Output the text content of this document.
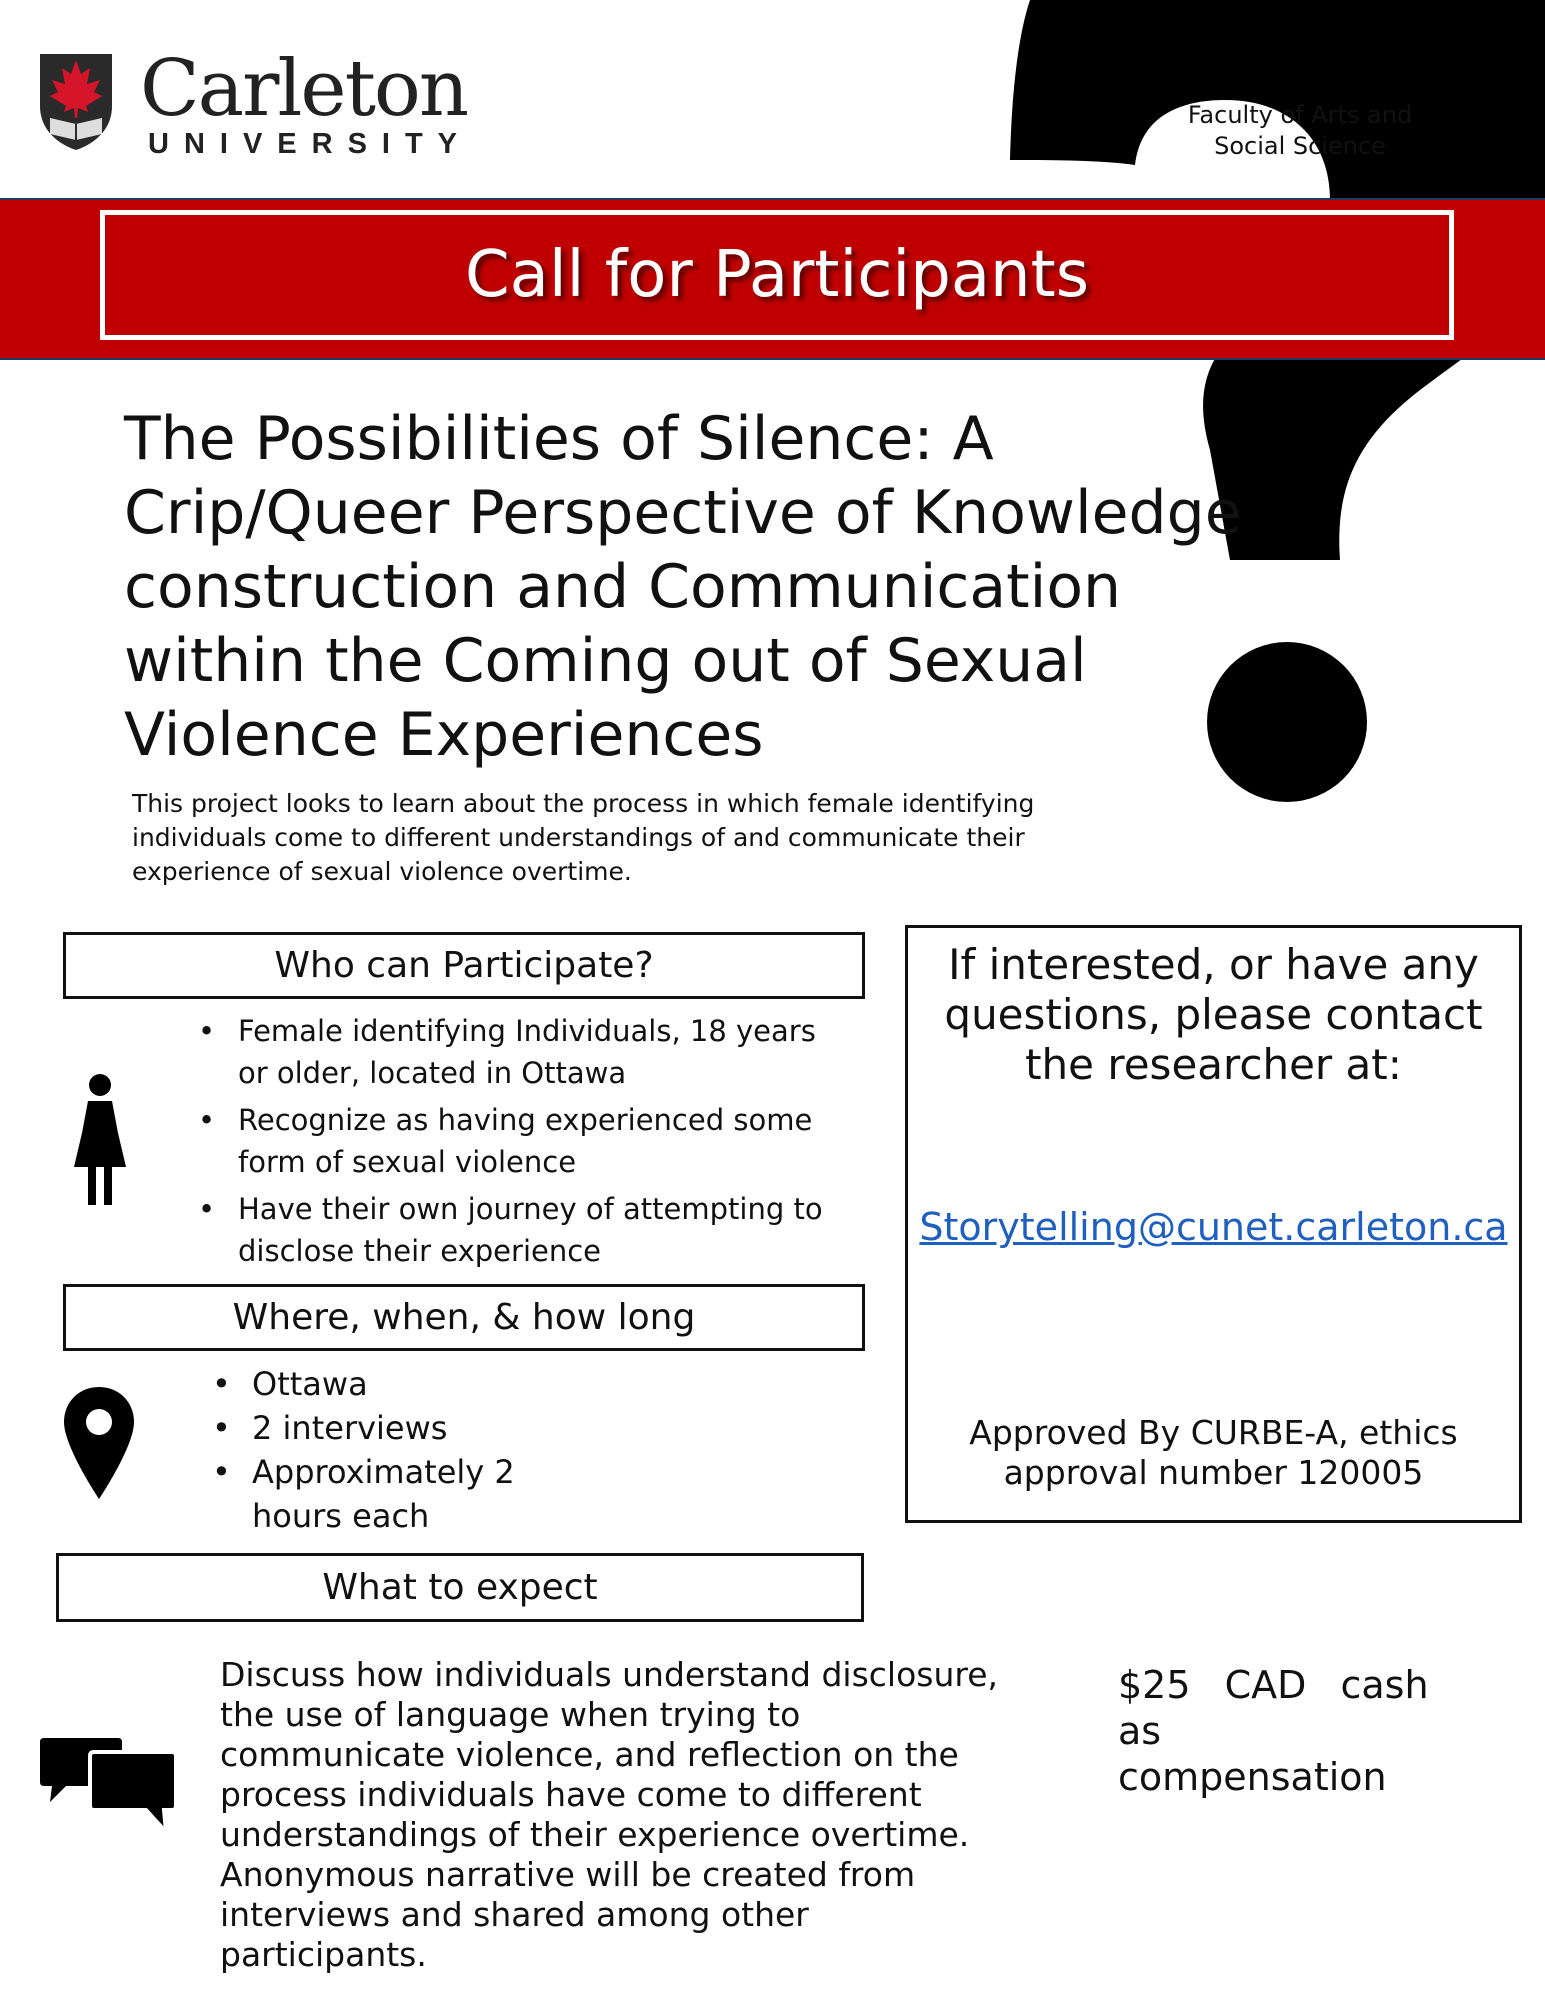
Carleton
UNIVERSITY
Faculty of Arts and
Social Science
Call for Participants
The Possibilities of Silence: A Crip/Queer Perspective of Knowledge construction and Communication within the Coming out of Sexual Violence Experiences
This project looks to learn about the process in which female identifying individuals come to different understandings of and communicate their experience of sexual violence overtime.
Who can Participate?
• Female identifying Individuals, 18 years or older, located in Ottawa
• Recognize as having experienced some form of sexual violence
• Have their own journey of attempting to disclose their experience
Where, when, & how long
• Ottawa
• 2 interviews
• Approximately 2 hours each
If interested, or have any questions, please contact the researcher at:
Approved By CURBE-A, ethics approval number 120005
Storytelling@cunet.carleton.ca
What to expect
Discuss how individuals understand disclosure, the use of language when trying to communicate violence, and reflection on the process individuals have come to different understandings of their experience overtime. Anonymous narrative will be created from interviews and shared among other participants.
$25 CAD cash as compensation
